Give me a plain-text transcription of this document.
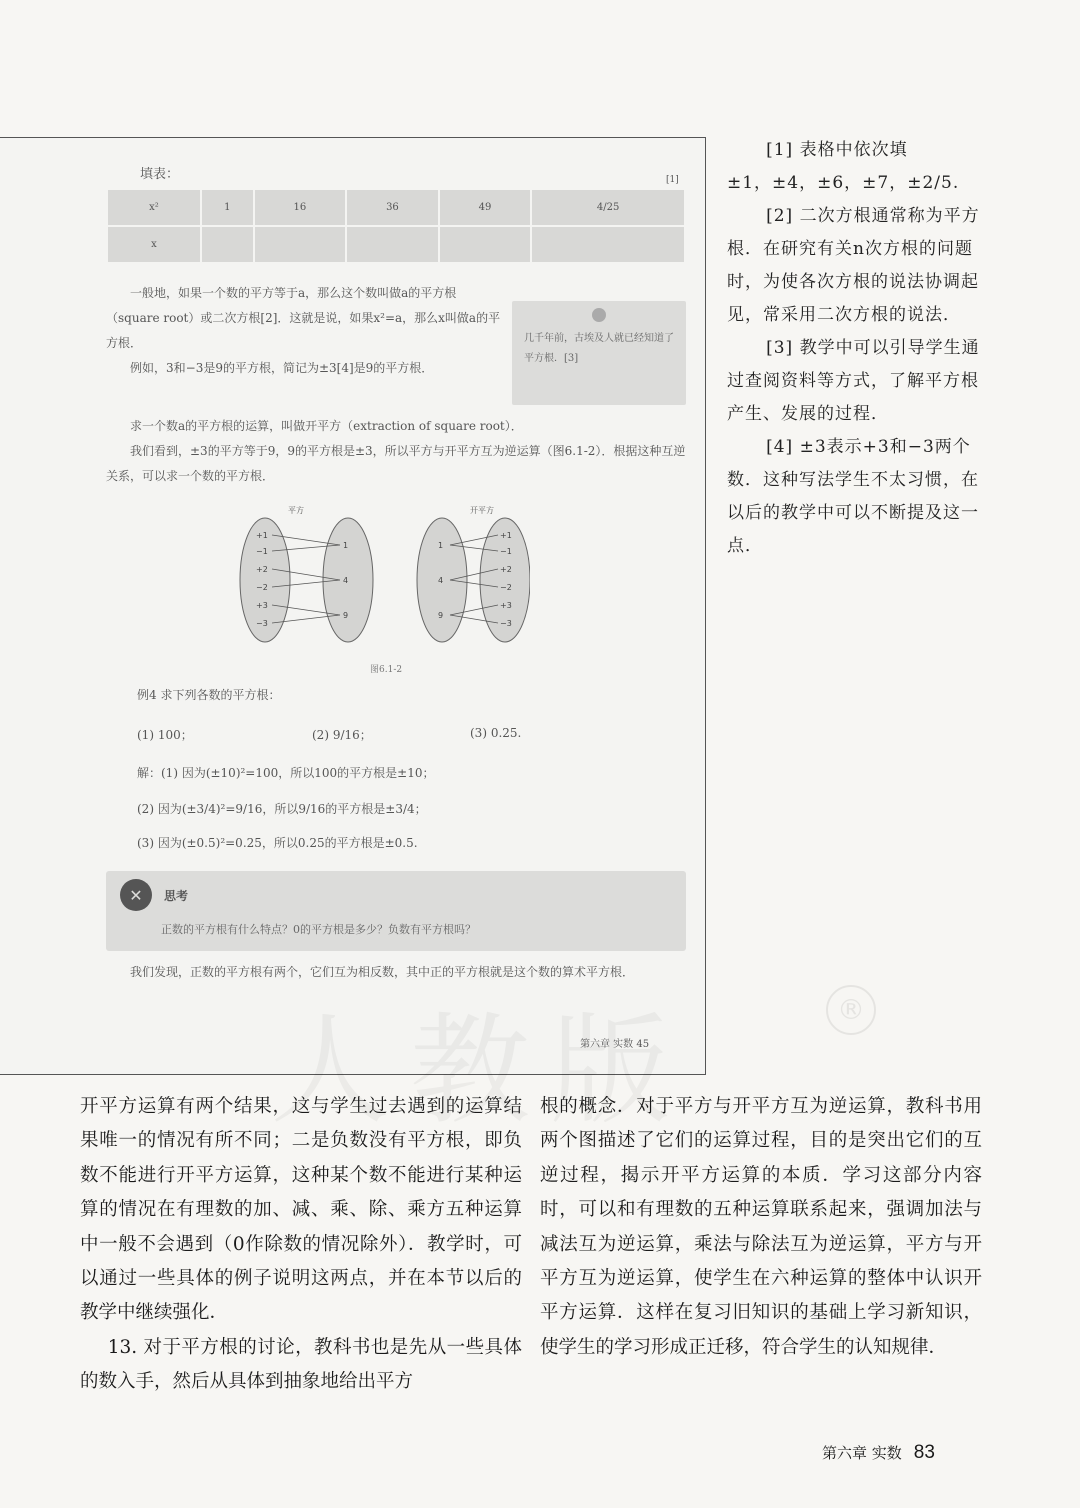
填表：	[1]
x²	1	16	36	49	4/25
x					
一般地，如果一个数的平方等于a，那么这个数叫做a的平方根（square root）或二次方根[2]．这就是说，如果x²=a，那么x叫做a的平方根．
例如，3和−3是9的平方根，简记为±3[4]是9的平方根．
几千年前，古埃及人就已经知道了平方根．[3]
求一个数a的平方根的运算，叫做开平方（extraction of square root）．
我们看到，±3的平方等于9，9的平方根是±3，所以平方与开平方互为逆运算（图6.1-2）．根据这种互逆关系，可以求一个数的平方根．
平方	开平方
+1
−1
+2
−2
+3
−3
1
4
9
1
4
9
+1
−1
+2
−2
+3
−3
图6.1-2
例4 求下列各数的平方根：
(1) 100；	(2) 9/16；	(3) 0.25.
解：(1) 因为(±10)²=100，所以100的平方根是±10；
(2) 因为(±3/4)²=9/16，所以9/16的平方根是±3/4；
(3) 因为(±0.5)²=0.25，所以0.25的平方根是±0.5.
✕	思考
正数的平方根有什么特点？0的平方根是多少？负数有平方根吗？
我们发现，正数的平方根有两个，它们互为相反数，其中正的平方根就是这个数的算术平方根．
第六章 实数 45

[1] 表格中依次填±1，±4，±6，±7，±2/5.

[2] 二次方根通常称为平方根．在研究有关n次方根的问题时，为使各次方根的说法协调起见，常采用二次方根的说法．

[3] 教学中可以引导学生通过查阅资料等方式，了解平方根产生、发展的过程．

[4] ±3表示+3和−3两个数．这种写法学生不太习惯，在以后的教学中可以不断提及这一点．

®

开平方运算有两个结果，这与学生过去遇到的运算结果唯一的情况有所不同；二是负数没有平方根，即负数不能进行开平方运算，这种某个数不能进行某种运算的情况在有理数的加、减、乘、除、乘方五种运算中一般不会遇到（0作除数的情况除外）．教学时，可以通过一些具体的例子说明这两点，并在本节以后的教学中继续强化．

13. 对于平方根的讨论，教科书也是先从一些具体的数入手，然后从具体到抽象地给出平方

根的概念．对于平方与开平方互为逆运算，教科书用两个图描述了它们的运算过程，目的是突出它们的互逆过程，揭示开平方运算的本质．学习这部分内容时，可以和有理数的五种运算联系起来，强调加法与减法互为逆运算，乘法与除法互为逆运算，平方与开平方互为逆运算，使学生在六种运算的整体中认识开平方运算．这样在复习旧知识的基础上学习新知识，使学生的学习形成正迁移，符合学生的认知规律．

第六章 实数 83
